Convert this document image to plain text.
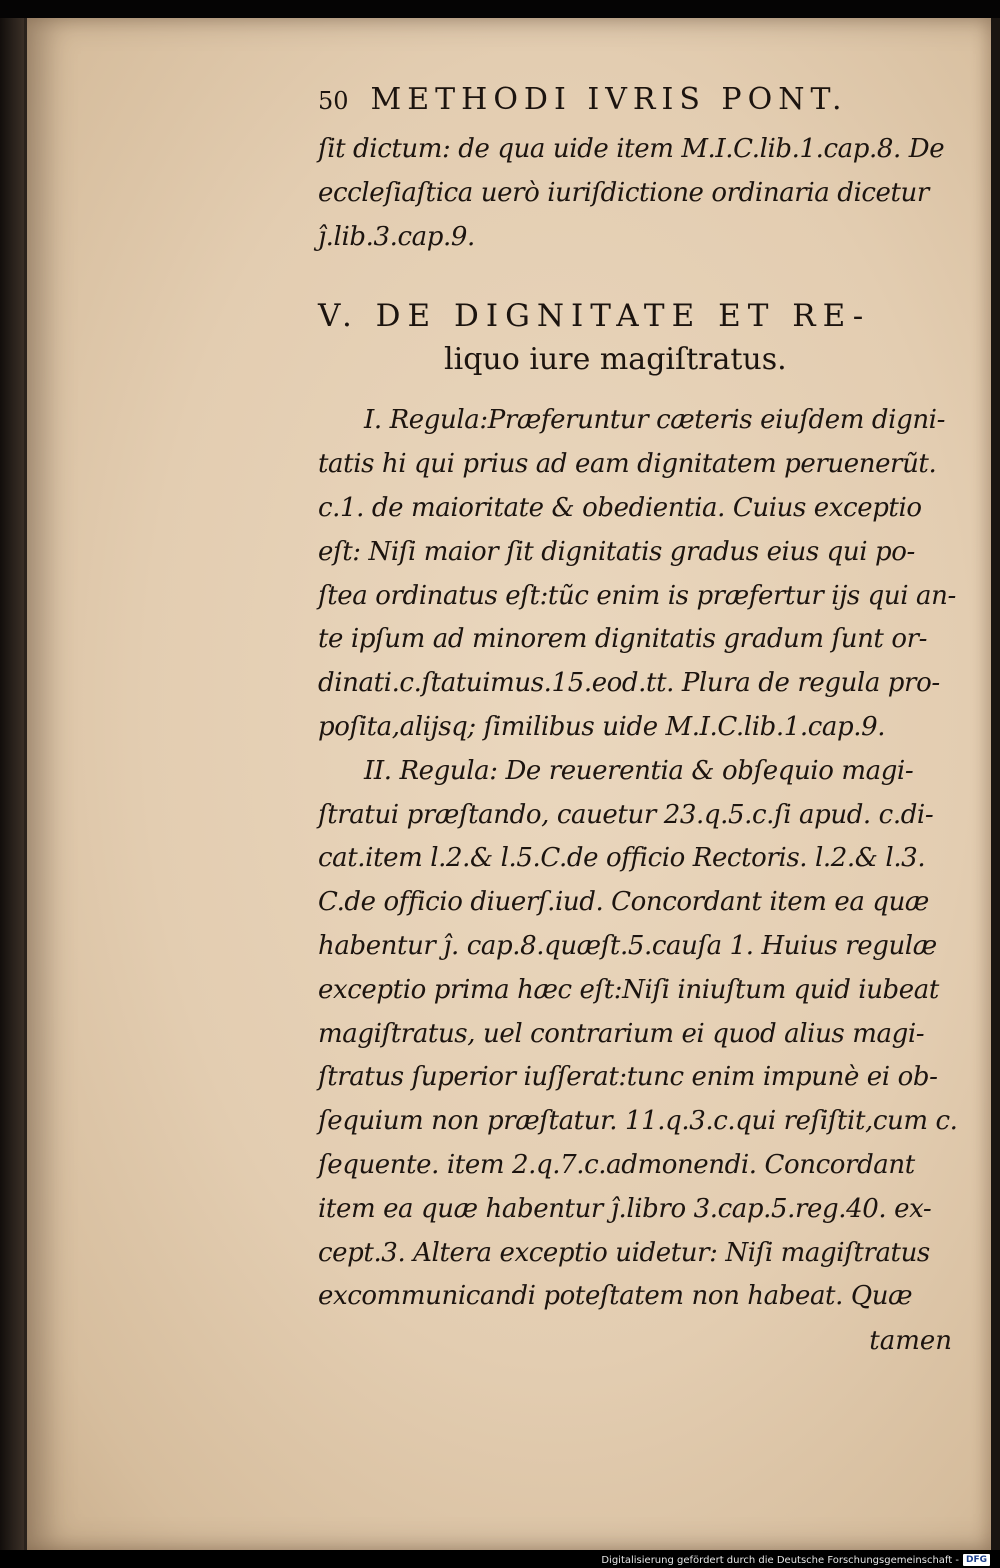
50 METHODI IVRIS PONT.
ſit dictum: de qua uide item M.I.C.lib.1.cap.8. De
eccleſiaſtica uerò iuriſdictione ordinaria dicetur
ĵ.lib.3.cap.9.
V. DE DIGNITATE ET RE-
liquo iure magiſtratus.
I. Regula:Præferuntur cæteris eiuſdem digni-
tatis hi qui prius ad eam dignitatem peruenerũt.
c.1. de maioritate & obedientia. Cuius exceptio
eſt: Niſi maior ſit dignitatis gradus eius qui po-
ſtea ordinatus eſt:tũc enim is præfertur ijs qui an-
te ipſum ad minorem dignitatis gradum ſunt or-
dinati.c.ſtatuimus.15.eod.tt. Plura de regula pro-
poſita,alijsq; ſimilibus uide M.I.C.lib.1.cap.9.
II. Regula: De reuerentia & obſequio magi-
ſtratui præſtando, cauetur 23.q.5.c.ſi apud. c.di-
cat.item l.2.& l.5.C.de officio Rectoris. l.2.& l.3.
C.de officio diuerſ.iud. Concordant item ea quæ
habentur ĵ. cap.8.quæſt.5.cauſa 1. Huius regulæ
exceptio prima hæc eſt:Niſi iniuſtum quid iubeat
magiſtratus, uel contrarium ei quod alius magi-
ſtratus ſuperior iuſſerat:tunc enim impunè ei ob-
ſequium non præſtatur. 11.q.3.c.qui reſiſtit,cum c.
ſequente. item 2.q.7.c.admonendi. Concordant
item ea quæ habentur ĵ.libro 3.cap.5.reg.40. ex-
cept.3. Altera exceptio uidetur: Niſi magiſtratus
excommunicandi poteſtatem non habeat. Quæ
tamen
Digitalisierung gefördert durch die Deutsche Forschungsgemeinschaft - DFG
